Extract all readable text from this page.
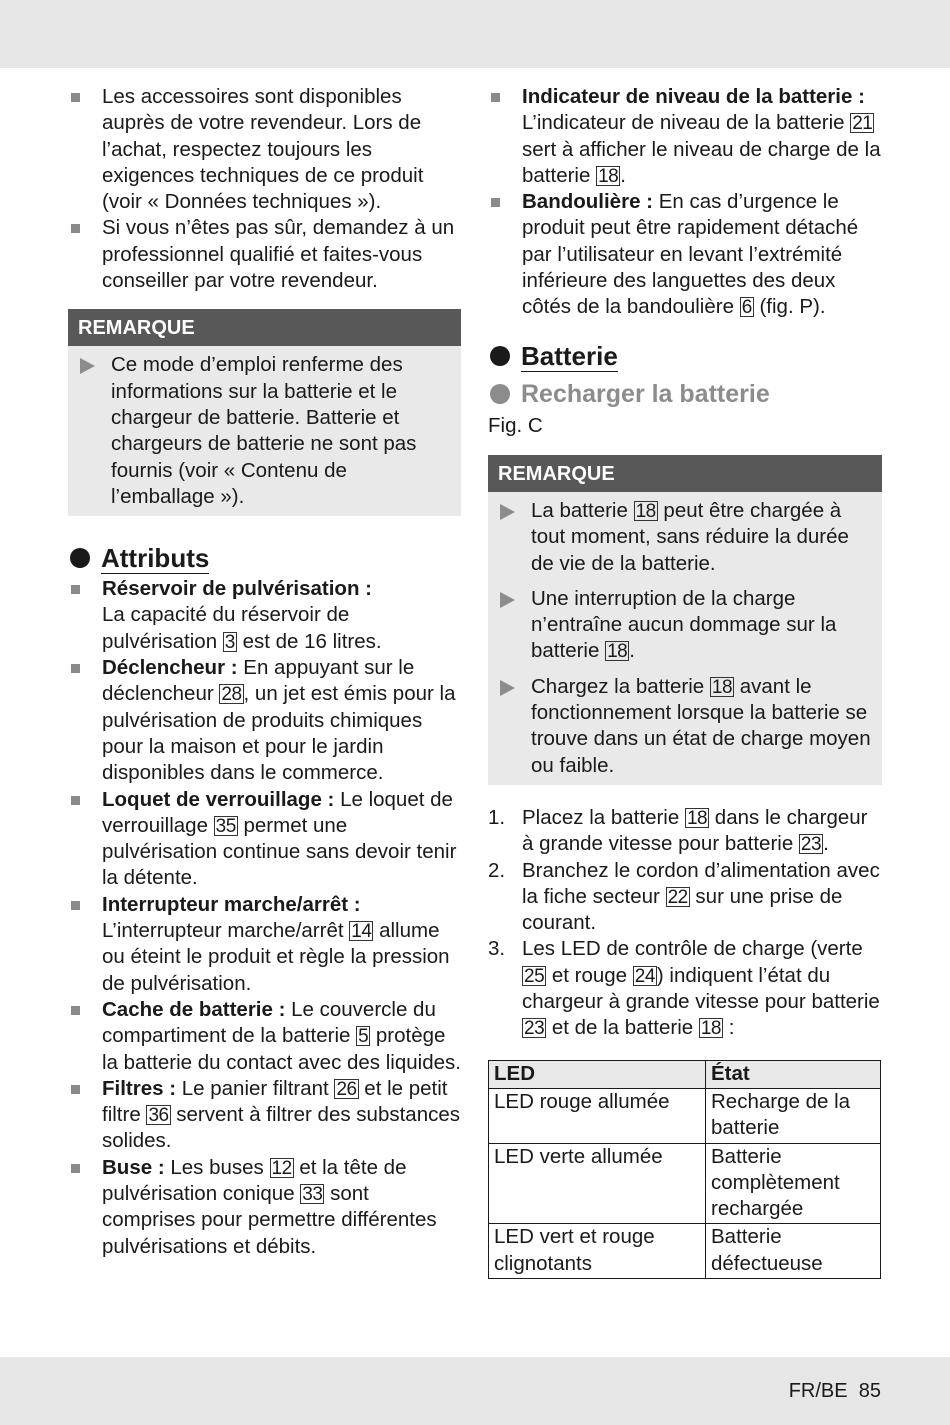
Les accessoires sont disponibles auprès de votre revendeur. Lors de l’achat, respectez toujours les exigences techniques de ce produit (voir « Données techniques »).
Si vous n’êtes pas sûr, demandez à un professionnel qualifié et faites-vous conseiller par votre revendeur.
REMARQUE
Ce mode d’emploi renferme des informations sur la batterie et le chargeur de batterie. Batterie et chargeurs de batterie ne sont pas fournis (voir « Contenu de l’emballage »).
Attributs
Réservoir de pulvérisation :
La capacité du réservoir de pulvérisation 3 est de 16 litres.
Déclencheur : En appuyant sur le déclencheur 28, un jet est émis pour la pulvérisation de produits chimiques pour la maison et pour le jardin disponibles dans le commerce.
Loquet de verrouillage : Le loquet de verrouillage 35 permet une pulvérisation continue sans devoir tenir la détente.
Interrupteur marche/arrêt :
L’interrupteur marche/arrêt 14 allume ou éteint le produit et règle la pression de pulvérisation.
Cache de batterie : Le couvercle du compartiment de la batterie 5 protège la batterie du contact avec des liquides.
Filtres : Le panier filtrant 26 et le petit filtre 36 servent à filtrer des substances solides.
Buse : Les buses 12 et la tête de pulvérisation conique 33 sont comprises pour permettre différentes pulvérisations et débits.
Indicateur de niveau de la batterie : L’indicateur de niveau de la batterie 21 sert à afficher le niveau de charge de la batterie 18.
Bandoulière : En cas d’urgence le produit peut être rapidement détaché par l’utilisateur en levant l’extrémité inférieure des languettes des deux côtés de la bandoulière 6 (fig. P).
Batterie
Recharger la batterie
Fig. C
REMARQUE
La batterie 18 peut être chargée à tout moment, sans réduire la durée de vie de la batterie.
Une interruption de la charge n’entraîne aucun dommage sur la batterie 18.
Chargez la batterie 18 avant le fonctionnement lorsque la batterie se trouve dans un état de charge moyen ou faible.
1. Placez la batterie 18 dans le chargeur à grande vitesse pour batterie 23.
2. Branchez le cordon d’alimentation avec la fiche secteur 22 sur une prise de courant.
3. Les LED de contrôle de charge (verte 25 et rouge 24) indiquent l’état du chargeur à grande vitesse pour batterie 23 et de la batterie 18 :
LED	État
LED rouge allumée	Recharge de la batterie
LED verte allumée	Batterie complètement rechargée
LED vert et rouge clignotants	Batterie défectueuse
FR/BE 85
